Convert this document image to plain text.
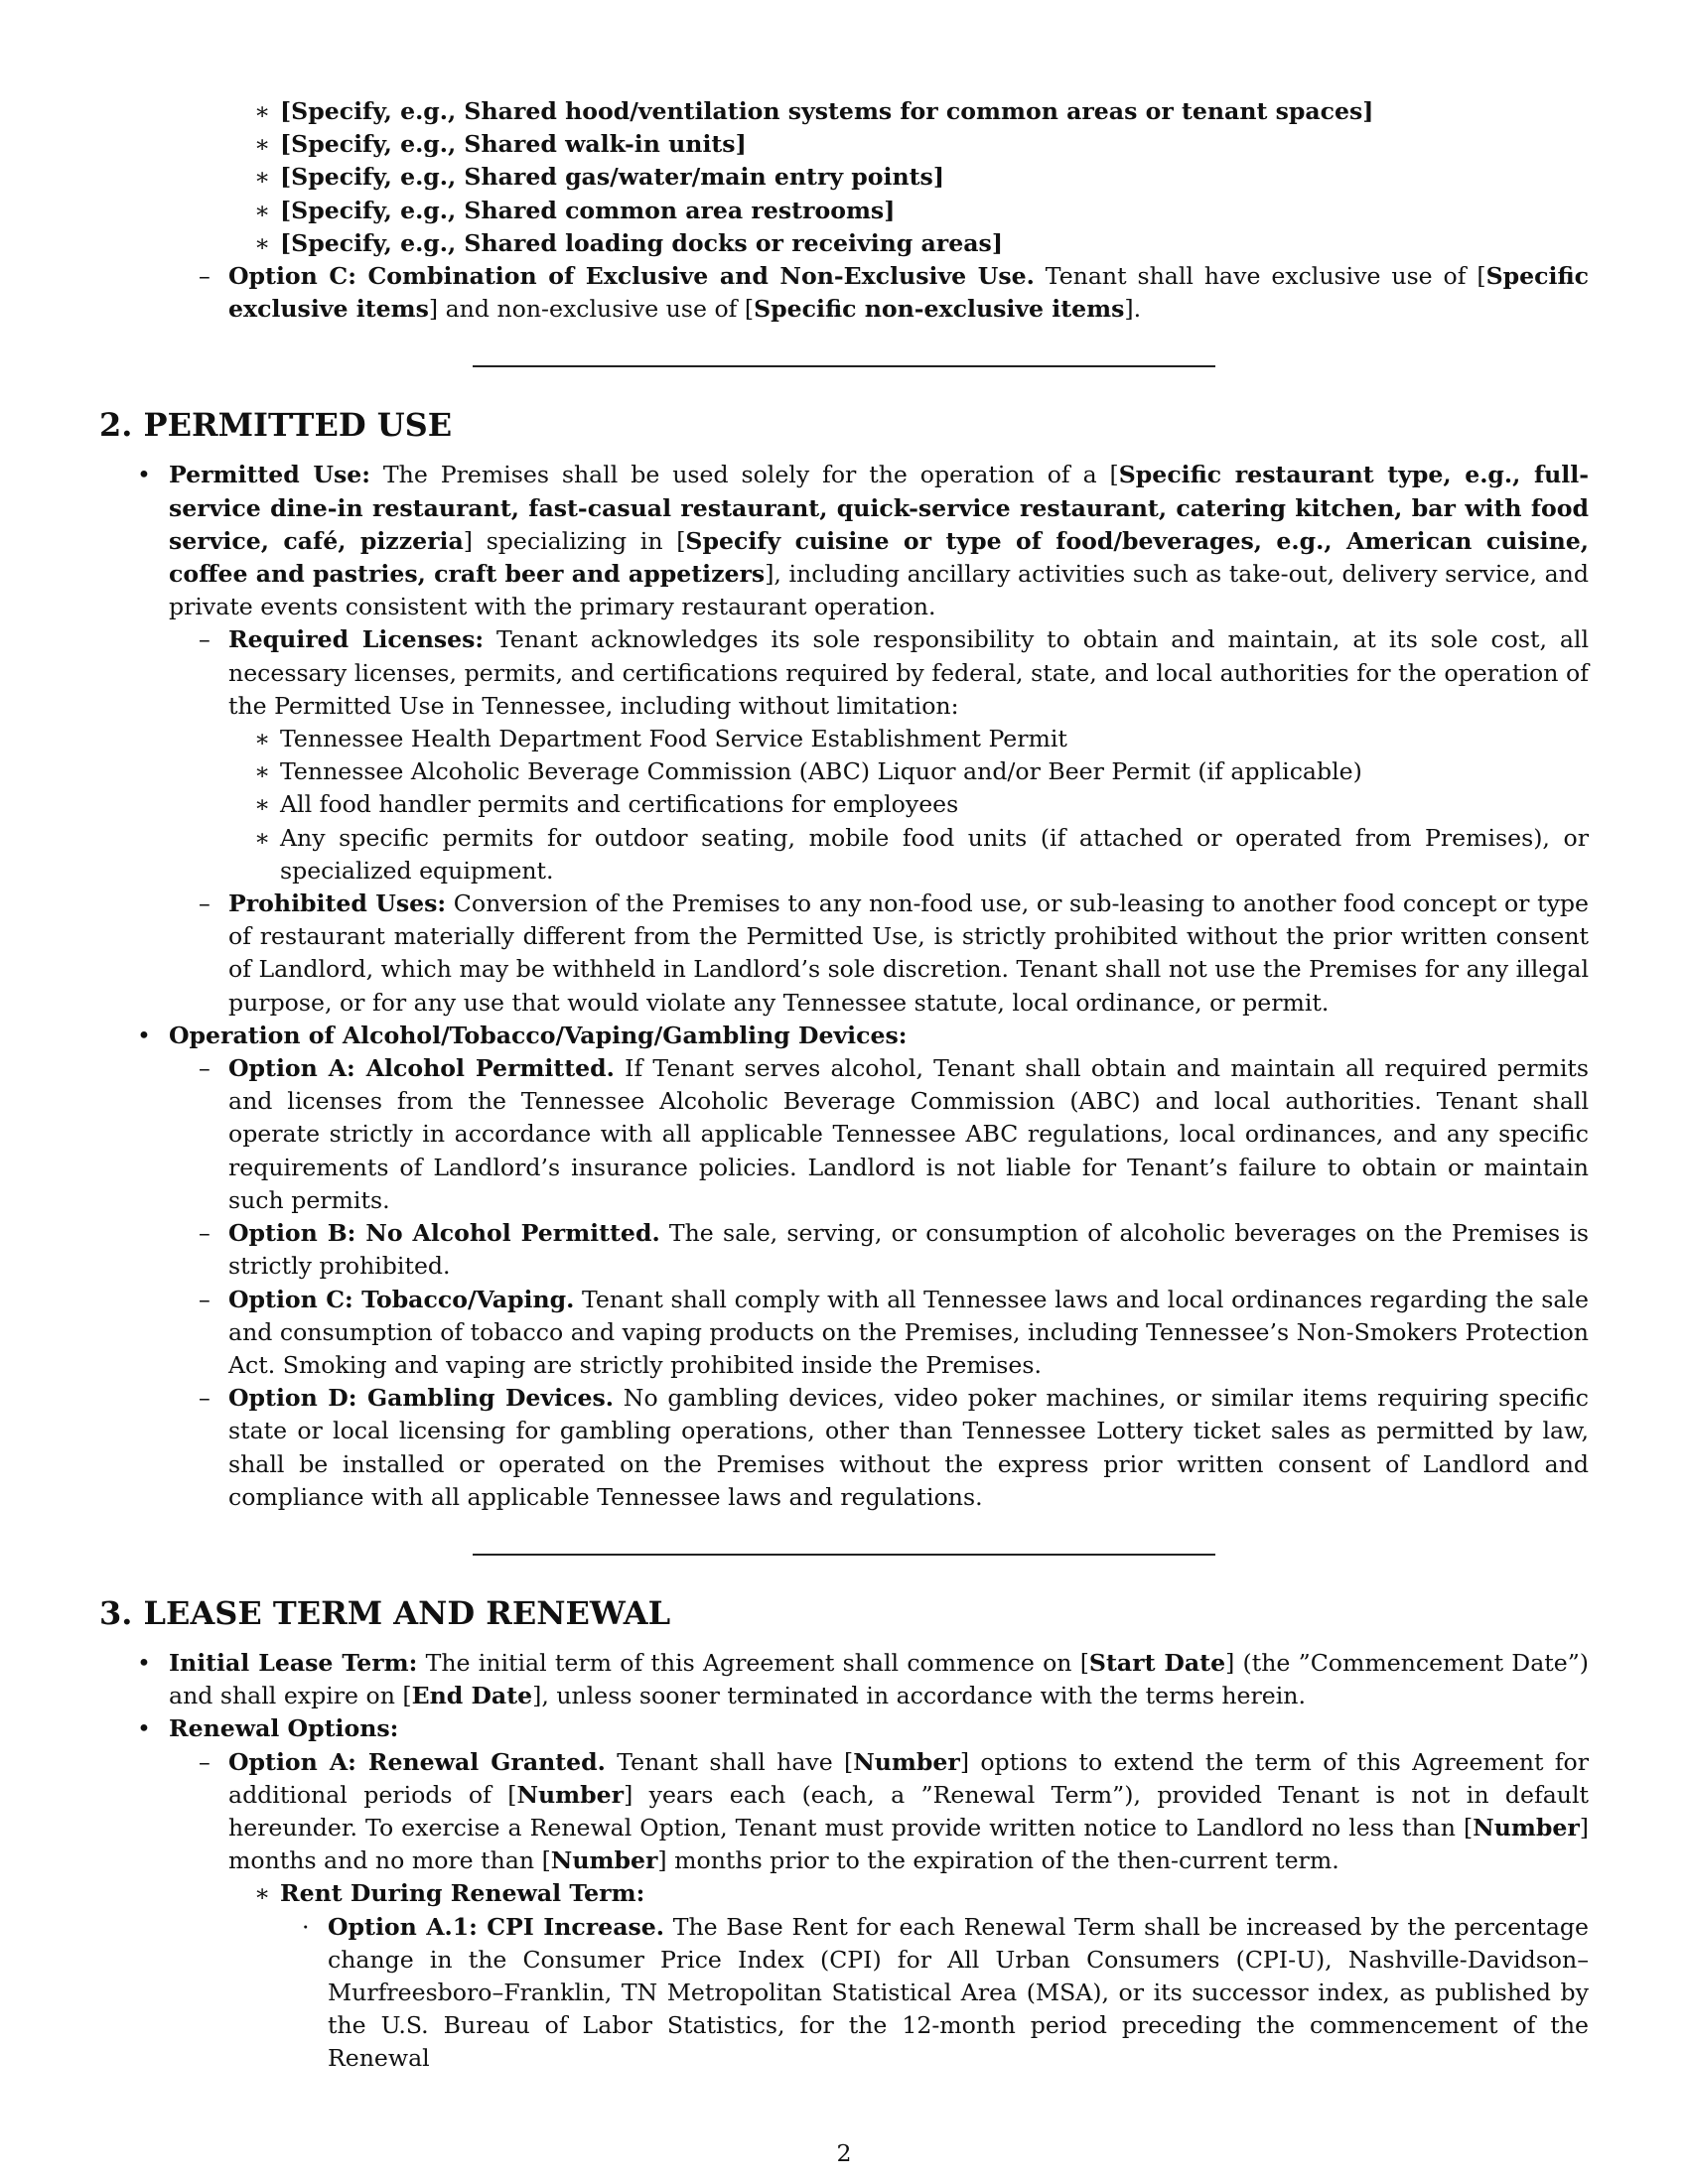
∗ [Specify, e.g., Shared hood/ventilation systems for common areas or tenant spaces]

∗ [Specify, e.g., Shared walk-in units]

∗ [Specify, e.g., Shared gas/water/main entry points]

∗ [Specify, e.g., Shared common area restrooms]

∗ [Specify, e.g., Shared loading docks or receiving areas]

– Option C: Combination of Exclusive and Non-Exclusive Use. Tenant shall have exclusive use of [Specific exclusive items] and non-exclusive use of [Specific non-exclusive items].

2. PERMITTED USE

• Permitted Use: The Premises shall be used solely for the operation of a [Specific restaurant type, e.g., full-service dine-in restaurant, fast-casual restaurant, quick-service restaurant, catering kitchen, bar with food service, café, pizzeria] specializing in [Specify cuisine or type of food/beverages, e.g., American cuisine, coffee and pastries, craft beer and appetizers], including ancillary activities such as take-out, delivery service, and private events consistent with the primary restaurant operation.

– Required Licenses: Tenant acknowledges its sole responsibility to obtain and maintain, at its sole cost, all necessary licenses, permits, and certifications required by federal, state, and local authorities for the operation of the Permitted Use in Tennessee, including without limitation:

∗ Tennessee Health Department Food Service Establishment Permit

∗ Tennessee Alcoholic Beverage Commission (ABC) Liquor and/or Beer Permit (if applicable)

∗ All food handler permits and certifications for employees

∗ Any specific permits for outdoor seating, mobile food units (if attached or operated from Premises), or specialized equipment.

– Prohibited Uses: Conversion of the Premises to any non-food use, or sub-leasing to another food concept or type of restaurant materially different from the Permitted Use, is strictly prohibited without the prior written consent of Landlord, which may be withheld in Landlord’s sole discretion. Tenant shall not use the Premises for any illegal purpose, or for any use that would violate any Tennessee statute, local ordinance, or permit.

• Operation of Alcohol/Tobacco/Vaping/Gambling Devices:

– Option A: Alcohol Permitted. If Tenant serves alcohol, Tenant shall obtain and maintain all required permits and licenses from the Tennessee Alcoholic Beverage Commission (ABC) and local authorities. Tenant shall operate strictly in accordance with all applicable Tennessee ABC regulations, local ordinances, and any specific requirements of Landlord’s insurance policies. Landlord is not liable for Tenant’s failure to obtain or maintain such permits.

– Option B: No Alcohol Permitted. The sale, serving, or consumption of alcoholic beverages on the Premises is strictly prohibited.

– Option C: Tobacco/Vaping. Tenant shall comply with all Tennessee laws and local ordinances regarding the sale and consumption of tobacco and vaping products on the Premises, including Tennessee’s Non-Smokers Protection Act. Smoking and vaping are strictly prohibited inside the Premises.

– Option D: Gambling Devices. No gambling devices, video poker machines, or similar items requiring specific state or local licensing for gambling operations, other than Tennessee Lottery ticket sales as permitted by law, shall be installed or operated on the Premises without the express prior written consent of Landlord and compliance with all applicable Tennessee laws and regulations.

3. LEASE TERM AND RENEWAL

• Initial Lease Term: The initial term of this Agreement shall commence on [Start Date] (the ”Commencement Date”) and shall expire on [End Date], unless sooner terminated in accordance with the terms herein.

• Renewal Options:

– Option A: Renewal Granted. Tenant shall have [Number] options to extend the term of this Agreement for additional periods of [Number] years each (each, a ”Renewal Term”), provided Tenant is not in default hereunder. To exercise a Renewal Option, Tenant must provide written notice to Landlord no less than [Number] months and no more than [Number] months prior to the expiration of the then-current term.

∗ Rent During Renewal Term:

· Option A.1: CPI Increase. The Base Rent for each Renewal Term shall be increased by the percentage change in the Consumer Price Index (CPI) for All Urban Consumers (CPI-U), Nashville-Davidson–Murfreesboro–Franklin, TN Metropolitan Statistical Area (MSA), or its successor index, as published by the U.S. Bureau of Labor Statistics, for the 12-month period preceding the commencement of the Renewal

2
